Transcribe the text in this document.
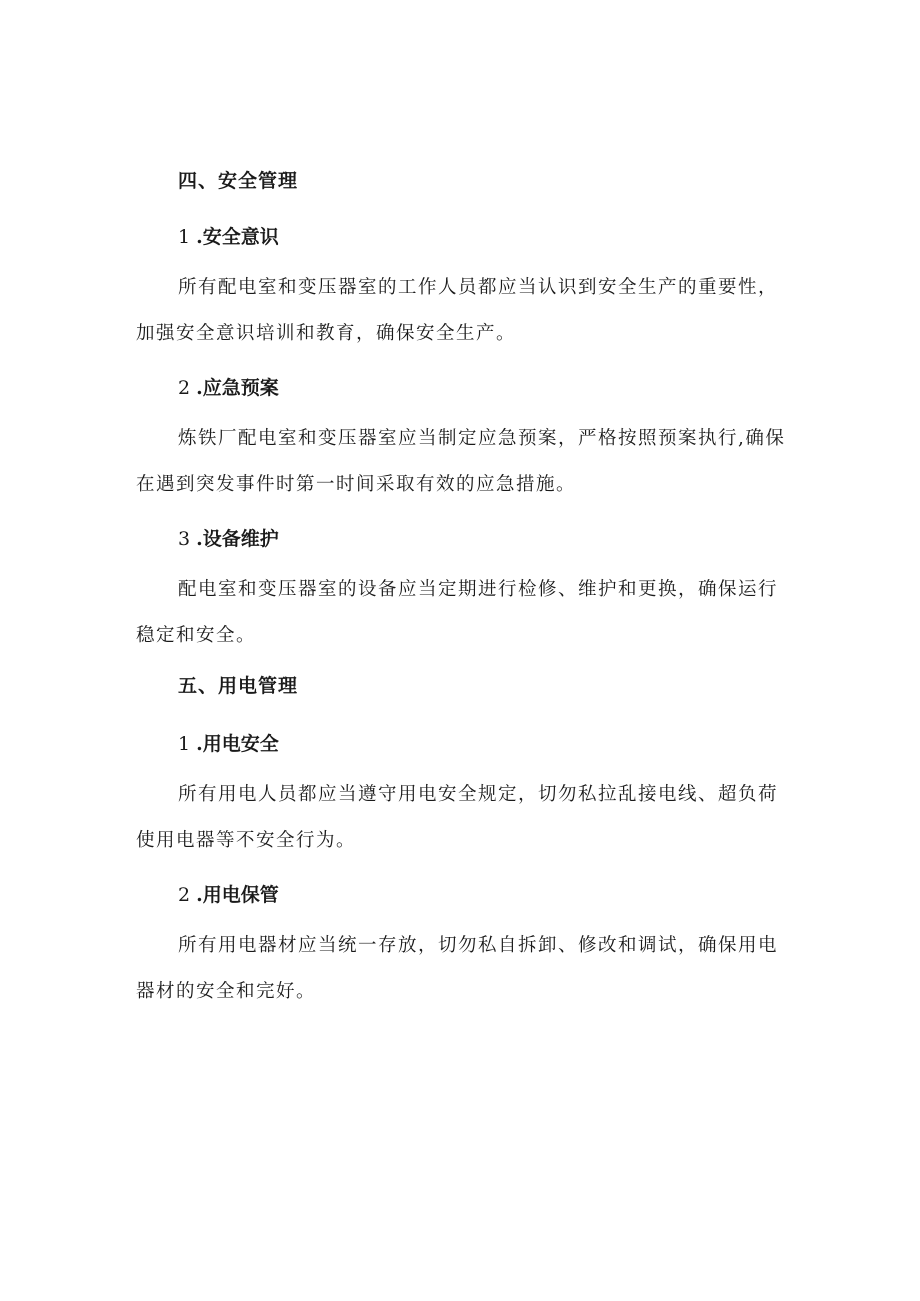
四、安全管理
1 .安全意识
所有配电室和变压器室的工作人员都应当认识到安全生产的重要性，
加强安全意识培训和教育，确保安全生产。
2 .应急预案
炼铁厂配电室和变压器室应当制定应急预案，严格按照预案执行,确保
在遇到突发事件时第一时间采取有效的应急措施。
3 .设备维护
配电室和变压器室的设备应当定期进行检修、维护和更换，确保运行
稳定和安全。
五、用电管理
1 .用电安全
所有用电人员都应当遵守用电安全规定，切勿私拉乱接电线、超负荷
使用电器等不安全行为。
2 .用电保管
所有用电器材应当统一存放，切勿私自拆卸、修改和调试，确保用电
器材的安全和完好。
